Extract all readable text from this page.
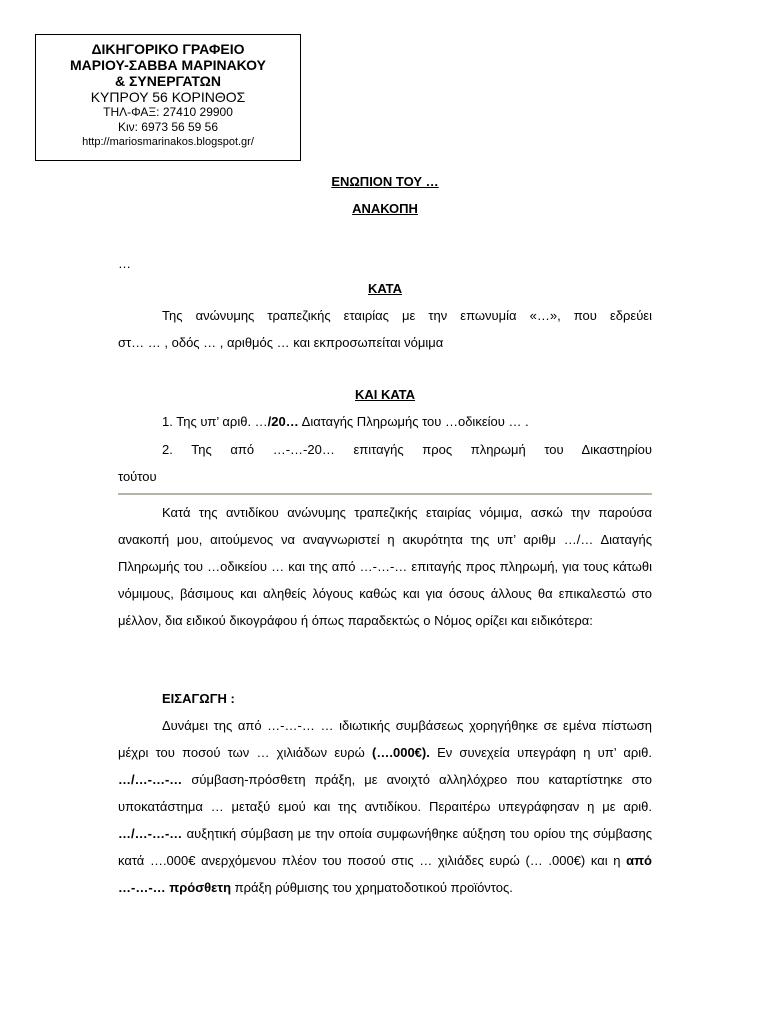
ΔΙΚΗΓΟΡΙΚΟ ΓΡΑΦΕΙΟ
ΜΑΡΙΟΥ-ΣΑΒΒΑ ΜΑΡΙΝΑΚΟΥ
& ΣΥΝΕΡΓΑΤΩΝ
ΚΥΠΡΟΥ 56 ΚΟΡΙΝΘΟΣ
ΤΗΛ-ΦΑΞ: 27410 29900
Κιν: 6973 56 59 56
http://mariosmarinakos.blogspot.gr/
ΕΝΩΠΙΟΝ ΤΟΥ …
ΑΝΑΚΟΠΗ
…
ΚΑΤΑ
Της ανώνυμης τραπεζικής εταιρίας με την επωνυμία «…», που εδρεύει
στ… … , οδός … , αριθμός … και εκπροσωπείται νόμιμα
ΚΑΙ ΚΑΤΑ
1. Της υπ’ αριθ. …/20… Διαταγής Πληρωμής του …οδικείου … .
2. Της από …-…-20… επιταγής προς πληρωμή του Δικαστηρίου
τούτου
Κατά της αντιδίκου ανώνυμης τραπεζικής εταιρίας νόμιμα, ασκώ την παρούσα ανακοπή μου, αιτούμενος να αναγνωριστεί η ακυρότητα της υπ’ αριθμ …/… Διαταγής Πληρωμής του …οδικείου … και της από …-…-… επιταγής προς πληρωμή, για τους κάτωθι νόμιμους, βάσιμους και αληθείς λόγους καθώς και για όσους άλλους θα επικαλεστώ στο μέλλον, δια ειδικού δικογράφου ή όπως παραδεκτώς ο Νόμος ορίζει και ειδικότερα:
ΕΙΣΑΓΩΓΗ :
Δυνάμει της από …-…-… … ιδιωτικής συμβάσεως χορηγήθηκε σε εμένα πίστωση μέχρι του ποσού των … χιλιάδων ευρώ (….000€). Εν συνεχεία υπεγράφη η υπ’ αριθ. …/…-…-… σύμβαση-πρόσθετη πράξη, με ανοιχτό αλληλόχρεο που καταρτίστηκε στο υποκατάστημα … μεταξύ εμού και της αντιδίκου. Περαιτέρω υπεγράφησαν η με αριθ. …/…-…-… αυξητική σύμβαση με την οποία συμφωνήθηκε αύξηση του ορίου της σύμβασης κατά ….000€ ανερχόμενου πλέον του ποσού στις … χιλιάδες ευρώ (… .000€) και η από …-…-… πρόσθετη πράξη ρύθμισης του χρηματοδοτικού προϊόντος.
